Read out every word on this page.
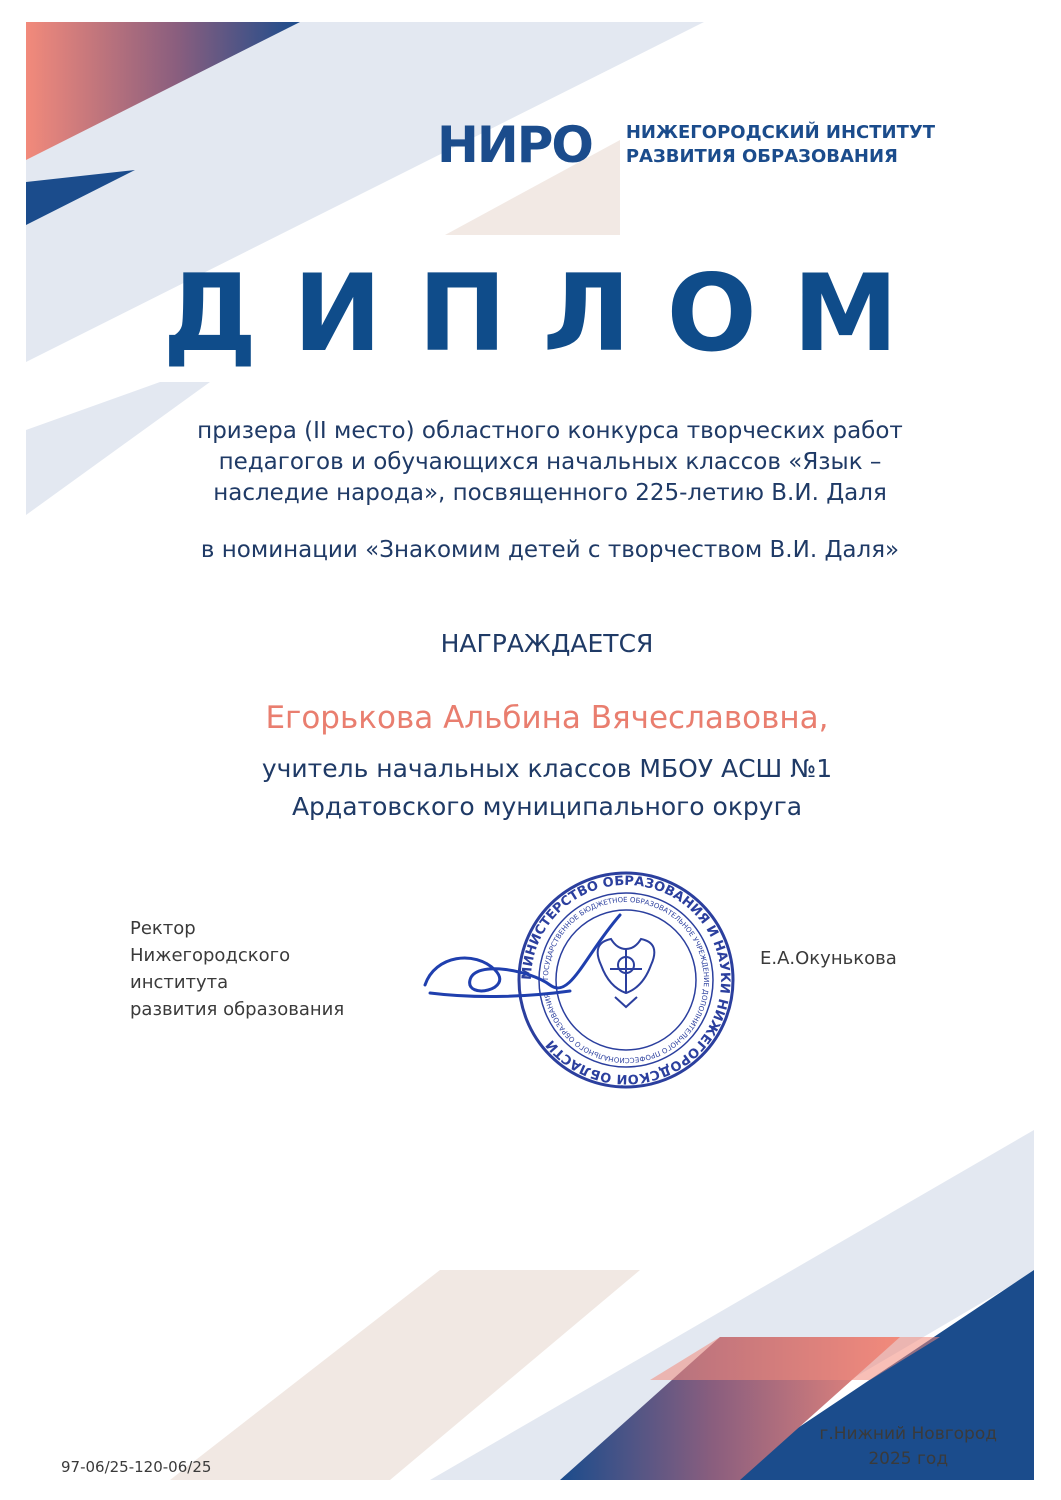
НИРО НИЖЕГОРОДСКИЙ ИНСТИТУТ
РАЗВИТИЯ ОБРАЗОВАНИЯ
ДИПЛОМ
призера (II место) областного конкурса творческих работ
педагогов и обучающихся начальных классов «Язык –
наследие народа», посвященного 225-летию В.И. Даля
в номинации «Знакомим детей с творчеством В.И. Даля»
НАГРАЖДАЕТСЯ
Егорькова Альбина Вячеславовна,
учитель начальных классов МБОУ АСШ №1
Ардатовского муниципального округа
Ректор
Нижегородского
института
развития образования
МИНИСТЕРСТВО ОБРАЗОВАНИЯ И НАУКИ НИЖЕГОРОДСКОЙ ОБЛАСТИ
ГОСУДАРСТВЕННОЕ БЮДЖЕТНОЕ ОБРАЗОВАТЕЛЬНОЕ УЧРЕЖДЕНИЕ ДОПОЛНИТЕЛЬНОГО ПРОФЕССИОНАЛЬНОГО ОБРАЗОВАНИЯ
Е.А.Окунькова
г.Нижний Новгород
2025 год
97-06/25-120-06/25
